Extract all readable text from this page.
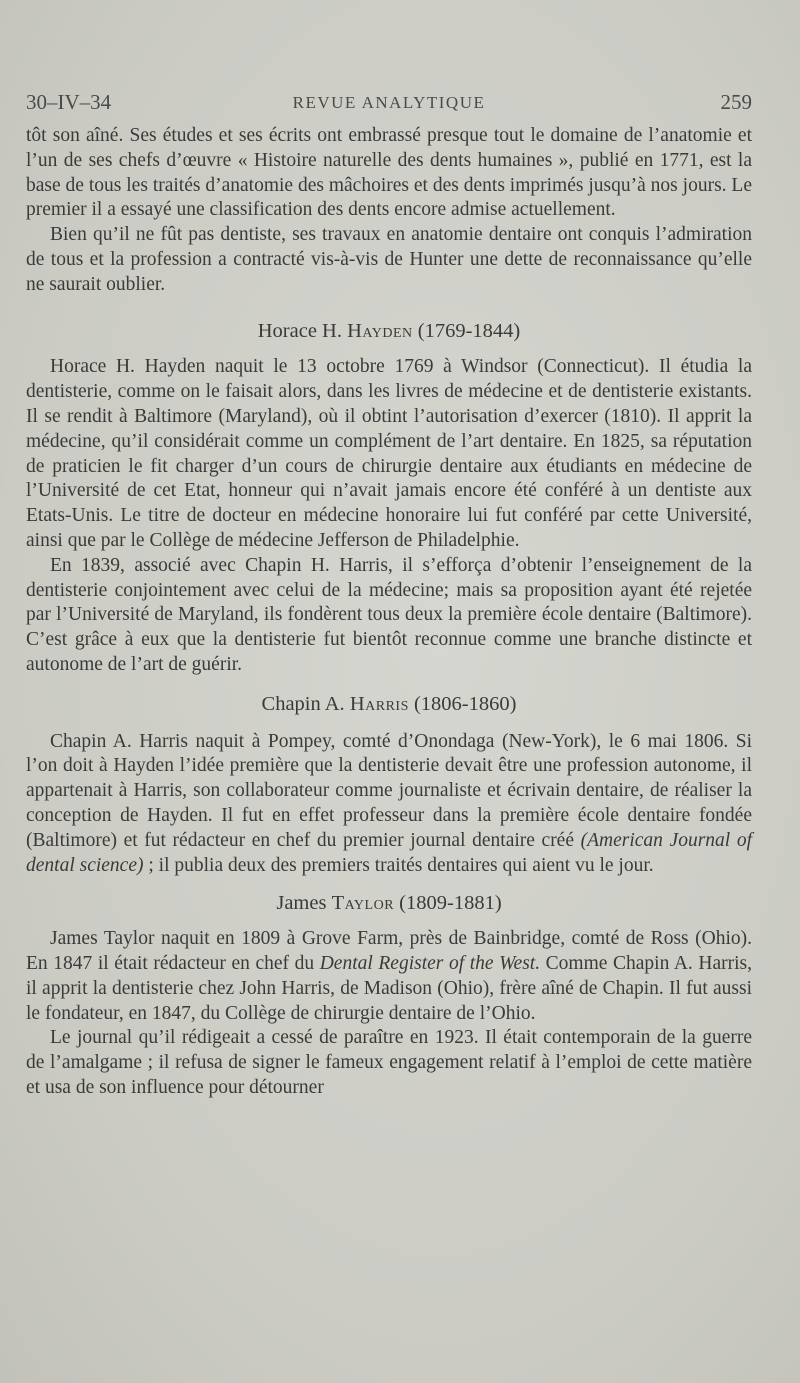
30–IV–34	REVUE ANALYTIQUE	259

tôt son aîné. Ses études et ses écrits ont embrassé presque tout le domaine de l’anatomie et l’un de ses chefs d’œuvre « Histoire naturelle des dents humaines », publié en 1771, est la base de tous les traités d’anatomie des mâchoires et des dents imprimés jusqu’à nos jours. Le premier il a essayé une classification des dents encore admise actuellement.

Bien qu’il ne fût pas dentiste, ses travaux en anatomie dentaire ont conquis l’admiration de tous et la profession a contracté vis-à-vis de Hunter une dette de reconnaissance qu’elle ne saurait oublier.

Horace H. Hayden (1769-1844)

Horace H. Hayden naquit le 13 octobre 1769 à Windsor (Connecticut). Il étudia la dentisterie, comme on le faisait alors, dans les livres de médecine et de dentisterie existants. Il se rendit à Baltimore (Maryland), où il obtint l’autorisation d’exercer (1810). Il apprit la médecine, qu’il considérait comme un complément de l’art dentaire. En 1825, sa réputation de praticien le fit charger d’un cours de chirurgie dentaire aux étudiants en médecine de l’Université de cet Etat, honneur qui n’avait jamais encore été conféré à un dentiste aux Etats-Unis. Le titre de docteur en médecine honoraire lui fut conféré par cette Université, ainsi que par le Collège de médecine Jefferson de Philadelphie.

En 1839, associé avec Chapin H. Harris, il s’efforça d’obtenir l’enseignement de la dentisterie conjointement avec celui de la médecine; mais sa proposition ayant été rejetée par l’Université de Maryland, ils fondèrent tous deux la première école dentaire (Baltimore). C’est grâce à eux que la dentisterie fut bientôt reconnue comme une branche distincte et autonome de l’art de guérir.

Chapin A. Harris (1806-1860)

Chapin A. Harris naquit à Pompey, comté d’Onondaga (New-York), le 6 mai 1806. Si l’on doit à Hayden l’idée première que la dentisterie devait être une profession autonome, il appartenait à Harris, son collaborateur comme journaliste et écrivain dentaire, de réaliser la conception de Hayden. Il fut en effet professeur dans la première école dentaire fondée (Baltimore) et fut rédacteur en chef du premier journal dentaire créé (American Journal of dental science) ; il publia deux des premiers traités dentaires qui aient vu le jour.

James Taylor (1809-1881)

James Taylor naquit en 1809 à Grove Farm, près de Bainbridge, comté de Ross (Ohio). En 1847 il était rédacteur en chef du Dental Register of the West. Comme Chapin A. Harris, il apprit la dentisterie chez John Harris, de Madison (Ohio), frère aîné de Chapin. Il fut aussi le fondateur, en 1847, du Collège de chirurgie dentaire de l’Ohio.

Le journal qu’il rédigeait a cessé de paraître en 1923. Il était contemporain de la guerre de l’amalgame ; il refusa de signer le fameux engagement relatif à l’emploi de cette matière et usa de son influence pour détourner
